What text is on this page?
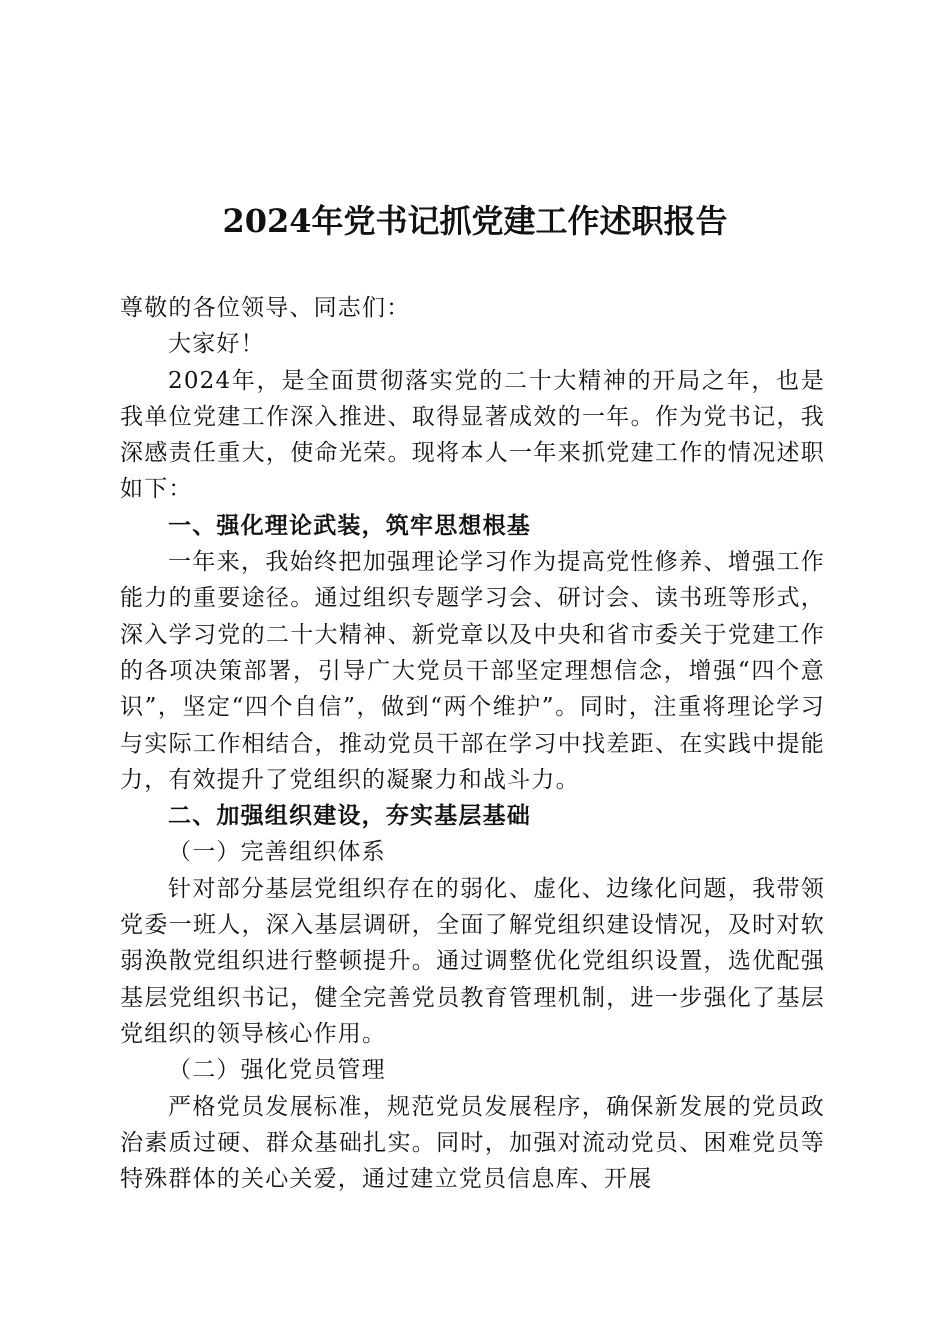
2024年党书记抓党建工作述职报告

尊敬的各位领导、同志们：

大家好！

2024年，是全面贯彻落实党的二十大精神的开局之年，也是我单位党建工作深入推进、取得显著成效的一年。作为党书记，我深感责任重大，使命光荣。现将本人一年来抓党建工作的情况述职如下：

一、强化理论武装，筑牢思想根基

一年来，我始终把加强理论学习作为提高党性修养、增强工作能力的重要途径。通过组织专题学习会、研讨会、读书班等形式，深入学习党的二十大精神、新党章以及中央和省市委关于党建工作的各项决策部署，引导广大党员干部坚定理想信念，增强“四个意识”，坚定“四个自信”，做到“两个维护”。同时，注重将理论学习与实际工作相结合，推动党员干部在学习中找差距、在实践中提能力，有效提升了党组织的凝聚力和战斗力。

二、加强组织建设，夯实基层基础

（一）完善组织体系

针对部分基层党组织存在的弱化、虚化、边缘化问题，我带领党委一班人，深入基层调研，全面了解党组织建设情况，及时对软弱涣散党组织进行整顿提升。通过调整优化党组织设置，选优配强基层党组织书记，健全完善党员教育管理机制，进一步强化了基层党组织的领导核心作用。

（二）强化党员管理

严格党员发展标准，规范党员发展程序，确保新发展的党员政治素质过硬、群众基础扎实。同时，加强对流动党员、困难党员等特殊群体的关心关爱，通过建立党员信息库、开展
